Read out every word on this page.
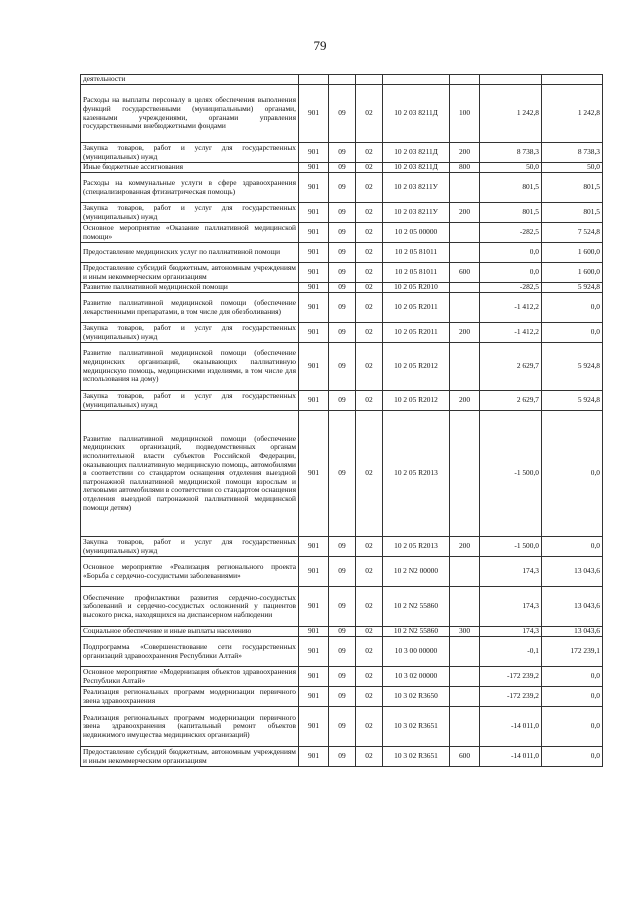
79
деятельности							
Расходы на выплаты персоналу в целях обеспечения выполнения функций государственными (муниципальными) органами, казенными учреждениями, органами управления государственными внебюджетными фондами	901	09	02	10 2 03 8211Д	100	1 242,8	1 242,8
Закупка товаров, работ и услуг для государственных (муниципальных) нужд	901	09	02	10 2 03 8211Д	200	8 738,3	8 738,3
Иные бюджетные ассигнования	901	09	02	10 2 03 8211Д	800	50,0	50,0
Расходы на коммунальные услуги в сфере здравоохранения (специализированная фтизиатрическая помощь)	901	09	02	10 2 03 8211У		801,5	801,5
Закупка товаров, работ и услуг для государственных (муниципальных) нужд	901	09	02	10 2 03 8211У	200	801,5	801,5
Основное мероприятие «Оказание паллиативной медицинской помощи»	901	09	02	10 2 05 00000		-282,5	7 524,8
Предоставление медицинских услуг по паллиативной помощи	901	09	02	10 2 05 81011		0,0	1 600,0
Предоставление субсидий бюджетным, автономным учреждениям и иным некоммерческим организациям	901	09	02	10 2 05 81011	600	0,0	1 600,0
Развитие паллиативной медицинской помощи	901	09	02	10 2 05 R2010		-282,5	5 924,8
Развитие паллиативной медицинской помощи (обеспечение лекарственными препаратами, в том числе для обезболивания)	901	09	02	10 2 05 R2011		-1 412,2	0,0
Закупка товаров, работ и услуг для государственных (муниципальных) нужд	901	09	02	10 2 05 R2011	200	-1 412,2	0,0
Развитие паллиативной медицинской помощи (обеспечение медицинских организаций, оказывающих паллиативную медицинскую помощь, медицинскими изделиями, в том числе для использования на дому)	901	09	02	10 2 05 R2012		2 629,7	5 924,8
Закупка товаров, работ и услуг для государственных (муниципальных) нужд	901	09	02	10 2 05 R2012	200	2 629,7	5 924,8
Развитие паллиативной медицинской помощи (обеспечение медицинских организаций, подведомственных органам исполнительной власти субъектов Российской Федерации, оказывающих паллиативную медицинскую помощь, автомобилями в соответствии со стандартом оснащения отделения выездной патронажной паллиативной медицинской помощи взрослым и легковыми автомобилями в соответствии со стандартом оснащения отделения выездной патронажной паллиативной медицинской помощи детям)	901	09	02	10 2 05 R2013		-1 500,0	0,0
Закупка товаров, работ и услуг для государственных (муниципальных) нужд	901	09	02	10 2 05 R2013	200	-1 500,0	0,0
Основное мероприятие «Реализация регионального проекта «Борьба с сердечно-сосудистыми заболеваниями»	901	09	02	10 2 N2 00000		174,3	13 043,6
Обеспечение профилактики развития сердечно-сосудистых заболеваний и сердечно-сосудистых осложнений у пациентов высокого риска, находящихся на диспансерном наблюдении	901	09	02	10 2 N2 55860		174,3	13 043,6
Социальное обеспечение и иные выплаты населению	901	09	02	10 2 N2 55860	300	174,3	13 043,6
Подпрограмма «Совершенствование сети государственных организаций здравоохранения Республики Алтай»	901	09	02	10 3 00 00000		-0,1	172 239,1
Основное мероприятие «Модернизация объектов здравоохранения Республики Алтай»	901	09	02	10 3 02 00000		-172 239,2	0,0
Реализация региональных программ модернизации первичного звена здравоохранения	901	09	02	10 3 02 R3650		-172 239,2	0,0
Реализация региональных программ модернизации первичного звена здравоохранения (капитальный ремонт объектов недвижимого имущества медицинских организаций)	901	09	02	10 3 02 R3651		-14 011,0	0,0
Предоставление субсидий бюджетным, автономным учреждениям и иным некоммерческим организациям	901	09	02	10 3 02 R3651	600	-14 011,0	0,0
